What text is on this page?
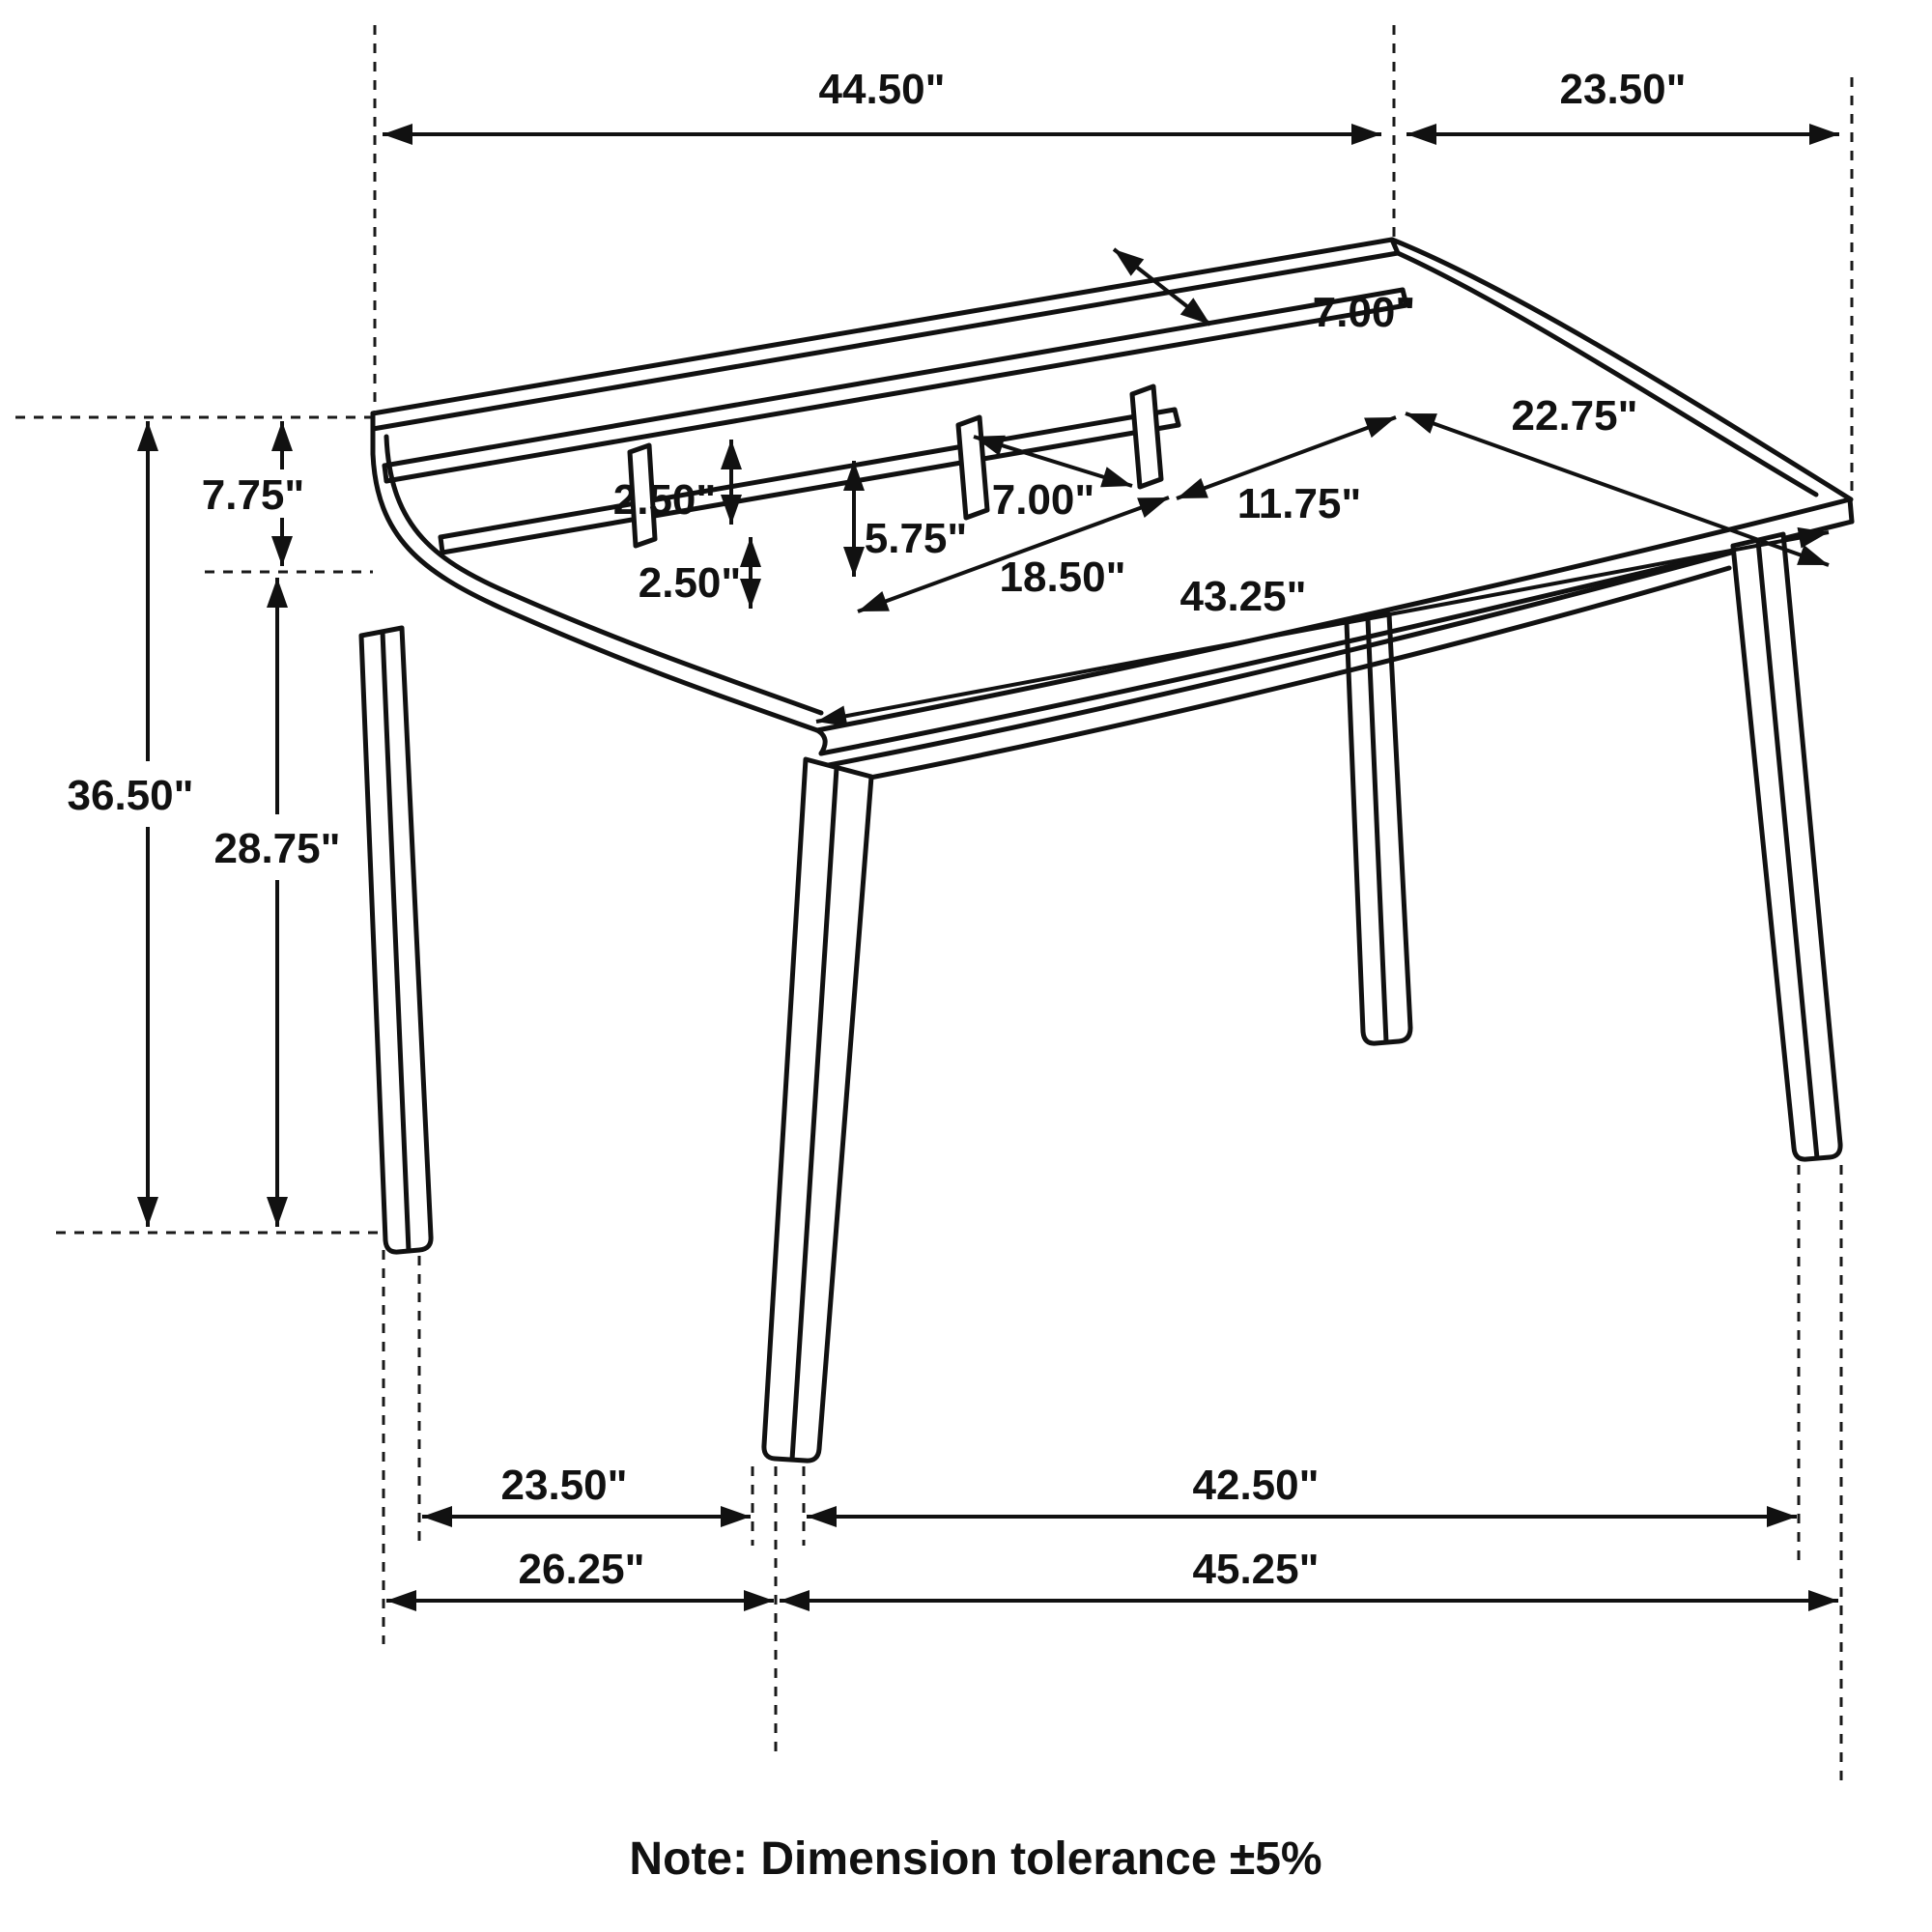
44.50"	23.50"
7.00"
22.75"
7.75"
36.50"
28.75"
2.50"
2.50"
5.75"
7.00"	11.75"
18.50" 43.25"
23.50"	42.50"
26.25"	45.25"
Note: Dimension tolerance ±5%
